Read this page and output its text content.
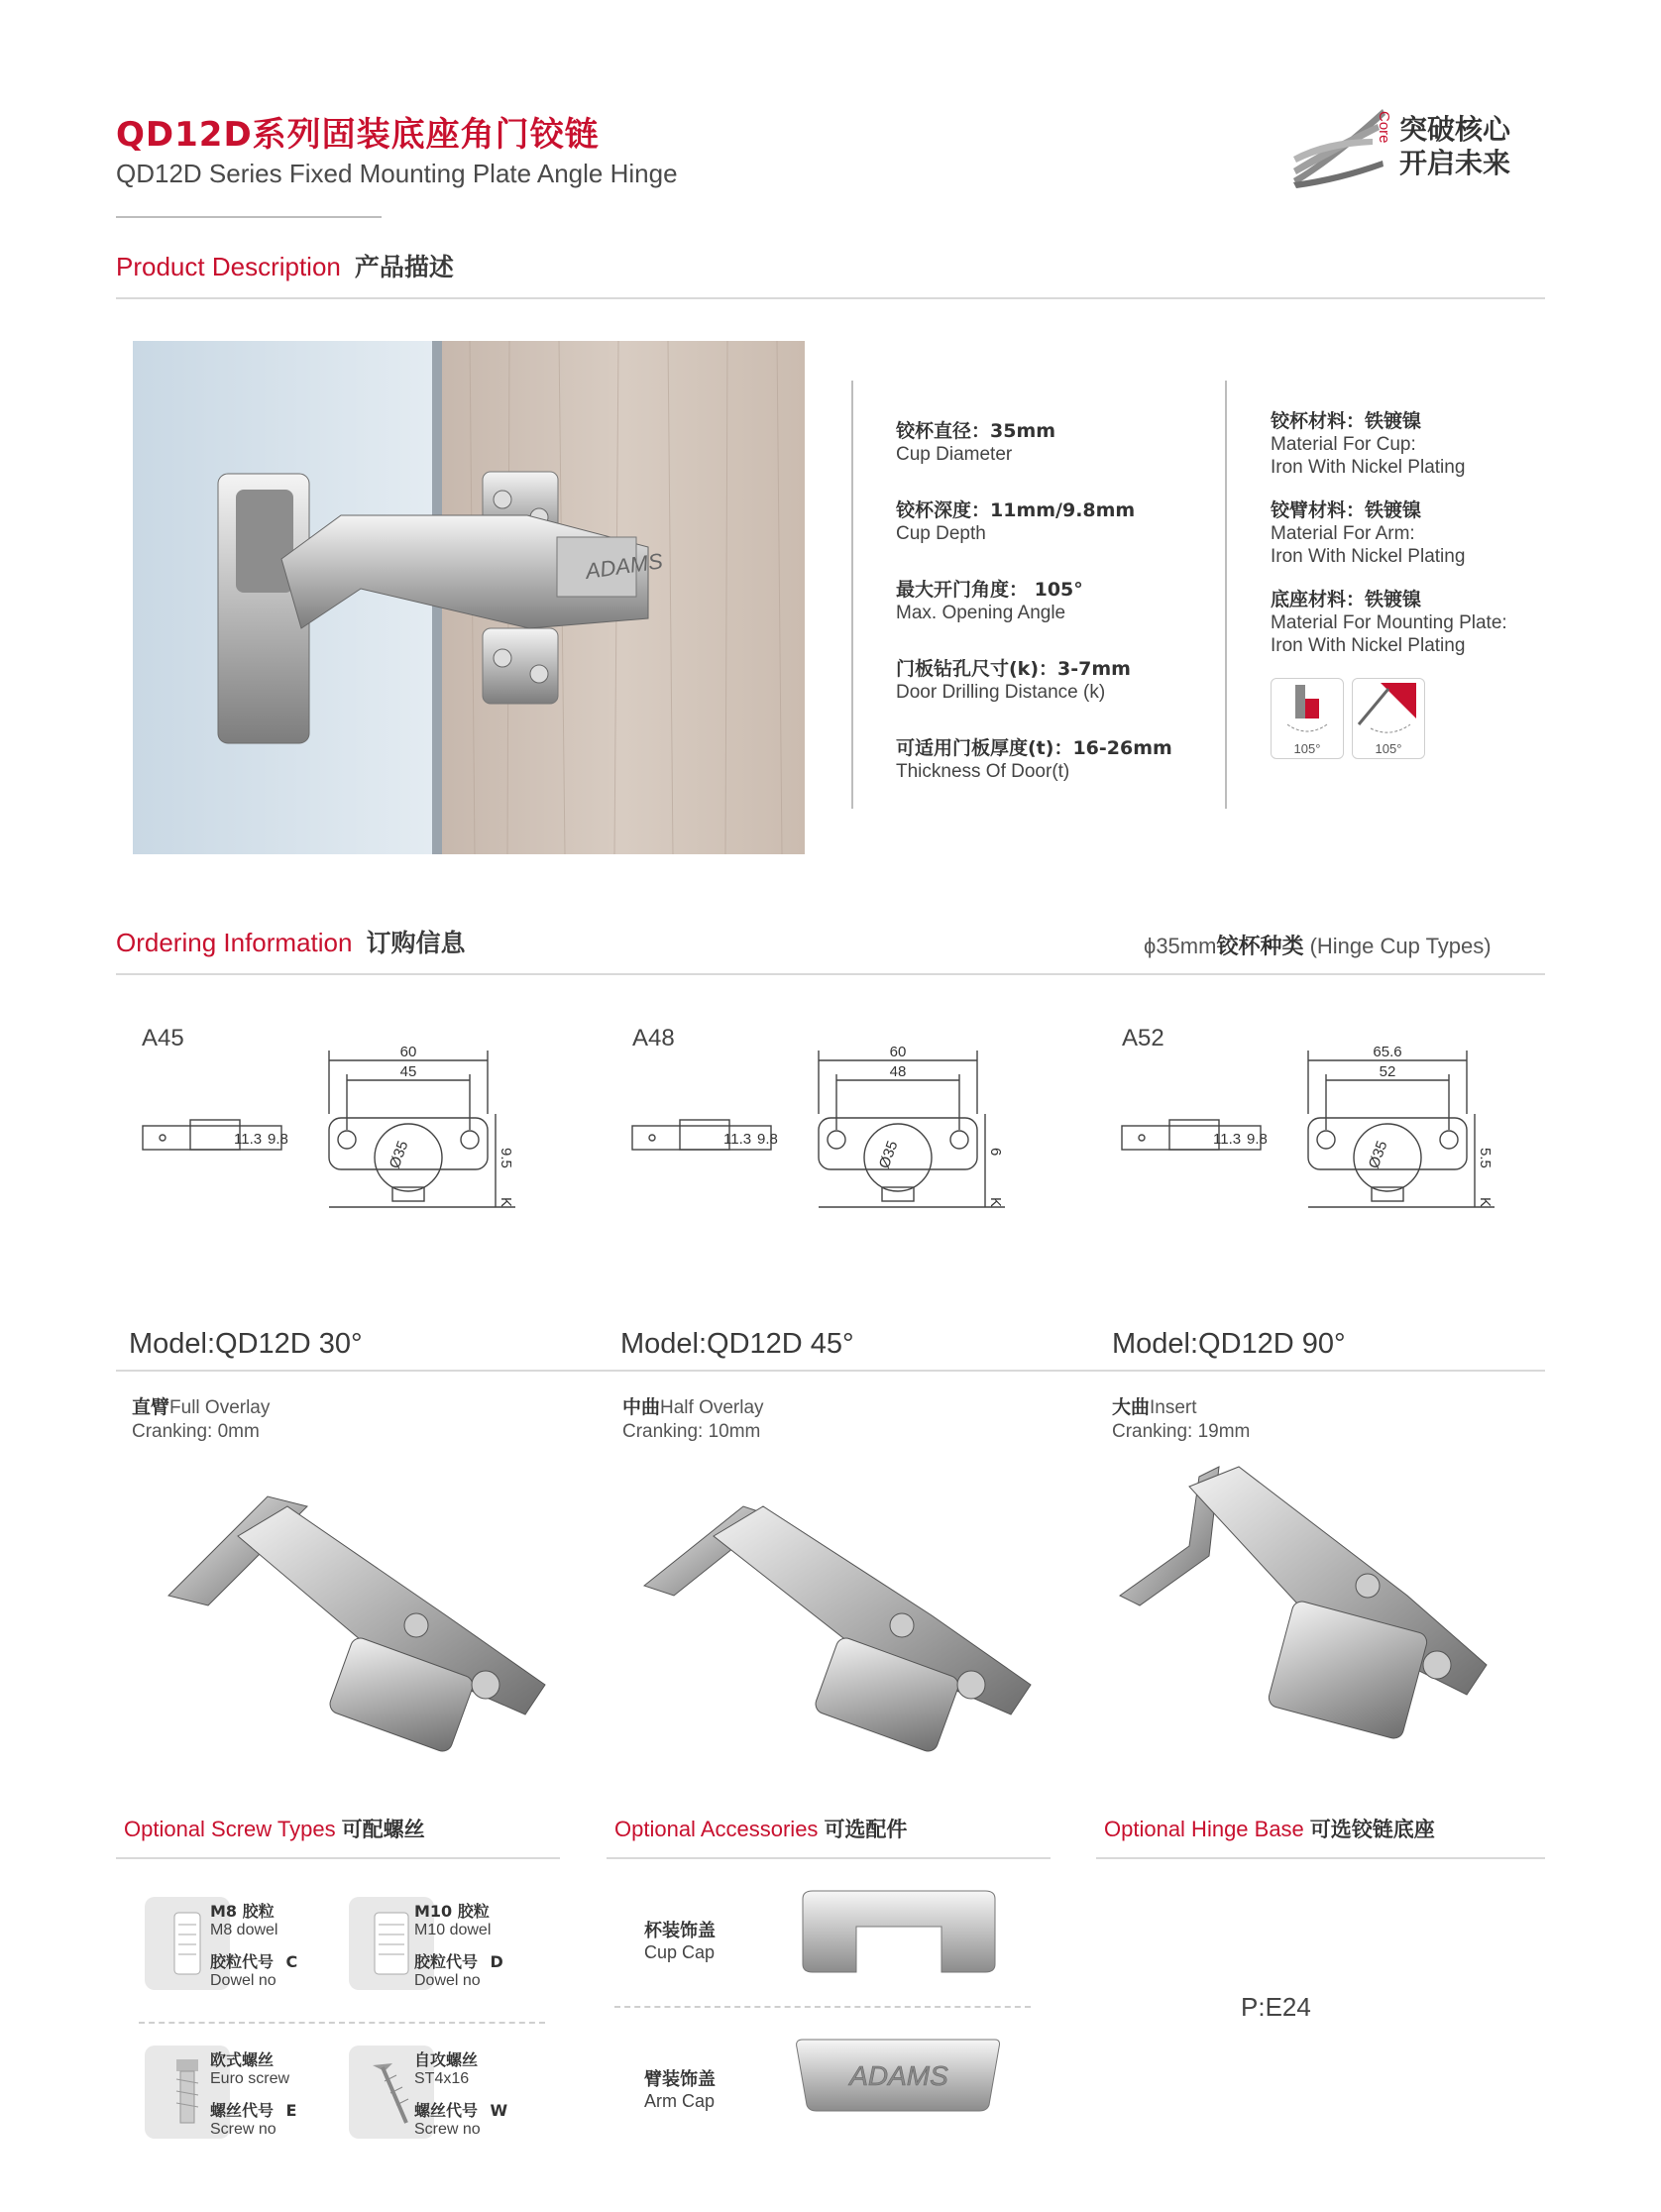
QD12D系列固装底座角门铰链
QD12D Series Fixed Mounting Plate Angle Hinge
Core 突破核心
开启未来
Product Description 产品描述
ADAMS
铰杯直径：35mm
Cup Diameter
铰杯深度：11mm/9.8mm
Cup Depth
最大开门角度： 105°
Max. Opening Angle
门板钻孔尺寸(k)：3-7mm
Door Drilling Distance (k)
可适用门板厚度(t)：16-26mm
Thickness Of Door(t)
铰杯材料：铁镀镍
Material For Cup:
Iron With Nickel Plating
铰臂材料：铁镀镍
Material For Arm:
Iron With Nickel Plating
底座材料：铁镀镍
Material For Mounting Plate:
Iron With Nickel Plating
105°	105°
Ordering Information 订购信息	ϕ35mm铰杯种类 (Hinge Cup Types)
A45	A48	A52
60
45
9.5
K
11.3 9.8	Ø35
60
48
6
K
11.3 9.8	Ø35
65.6
52
5.5
K
11.3 9.8	Ø35
Model:QD12D 30°	Model:QD12D 45°	Model:QD12D 90°
直臂Full Overlay
Cranking: 0mm
中曲Half Overlay
Cranking: 10mm
大曲Insert
Cranking: 19mm
Optional Screw Types 可配螺丝	Optional Accessories 可选配件	Optional Hinge Base 可选铰链底座
M8 胶粒
M8 dowel
胶粒代号 C
Dowel no
M10 胶粒
M10 dowel
胶粒代号 D
Dowel no
欧式螺丝
Euro screw
螺丝代号 E
Screw no
自攻螺丝
ST4x16
螺丝代号 W
Screw no
杯装饰盖
Cup Cap
臂装饰盖
Arm Cap
ADAMS
P:E24
